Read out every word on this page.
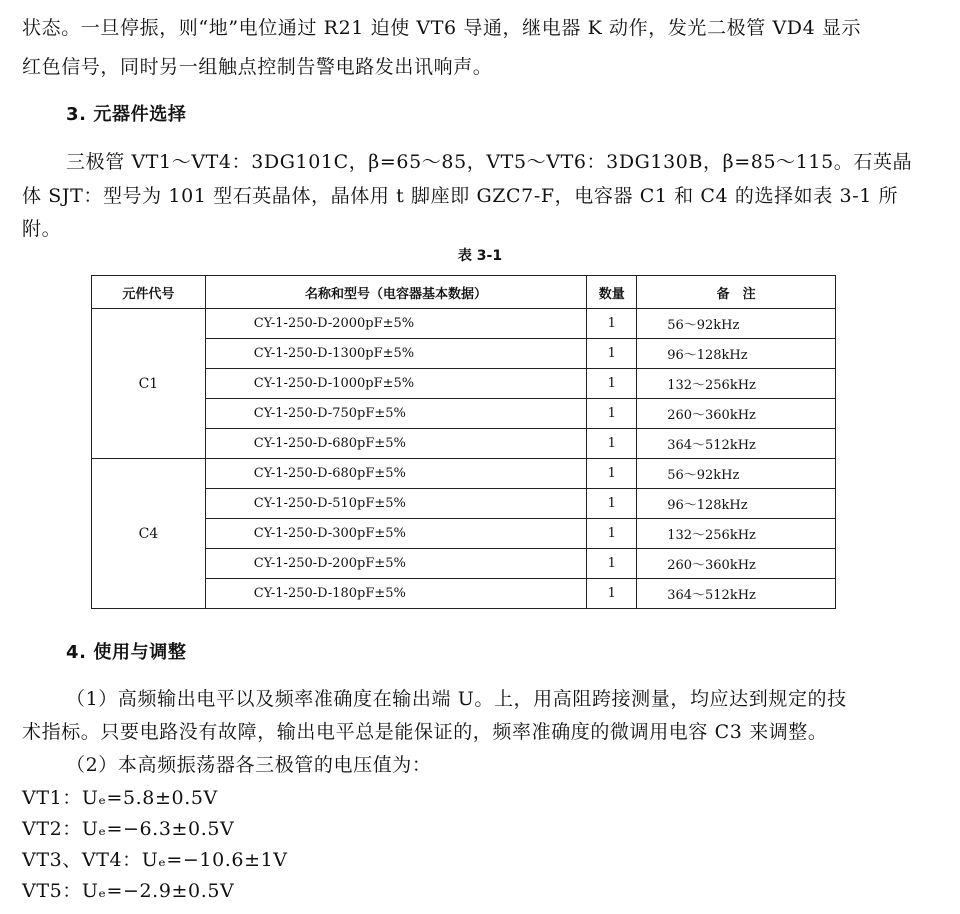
状态。一旦停振，则“地”电位通过 R21 迫使 VT6 导通，继电器 K 动作，发光二极管 VD4 显示
红色信号，同时另一组触点控制告警电路发出讯响声。
3. 元器件选择
三极管 VT1～VT4：3DG101C，β=65～85，VT5～VT6：3DG130B，β=85～115。石英晶
体 SJT：型号为 101 型石英晶体，晶体用 t 脚座即 GZC7-F，电容器 C1 和 C4 的选择如表 3-1 所
附。
表 3-1
元件代号	名称和型号（电容器基本数据）	数量	备　注
C1	CY-1-250-D-2000pF±5%	1	56～92kHz
	CY-1-250-D-1300pF±5%	1	96～128kHz
	CY-1-250-D-1000pF±5%	1	132～256kHz
	CY-1-250-D-750pF±5%	1	260～360kHz
	CY-1-250-D-680pF±5%	1	364～512kHz
C4	CY-1-250-D-680pF±5%	1	56～92kHz
	CY-1-250-D-510pF±5%	1	96～128kHz
	CY-1-250-D-300pF±5%	1	132～256kHz
	CY-1-250-D-200pF±5%	1	260～360kHz
	CY-1-250-D-180pF±5%	1	364～512kHz
4. 使用与调整
（1）高频输出电平以及频率准确度在输出端 U。上，用高阻跨接测量，均应达到规定的技
术指标。只要电路没有故障，输出电平总是能保证的，频率准确度的微调用电容 C3 来调整。
（2）本高频振荡器各三极管的电压值为：
VT1：Uₑ=5.8±0.5V
VT2：Uₑ=−6.3±0.5V
VT3、VT4：Uₑ=−10.6±1V
VT5：Uₑ=−2.9±0.5V
